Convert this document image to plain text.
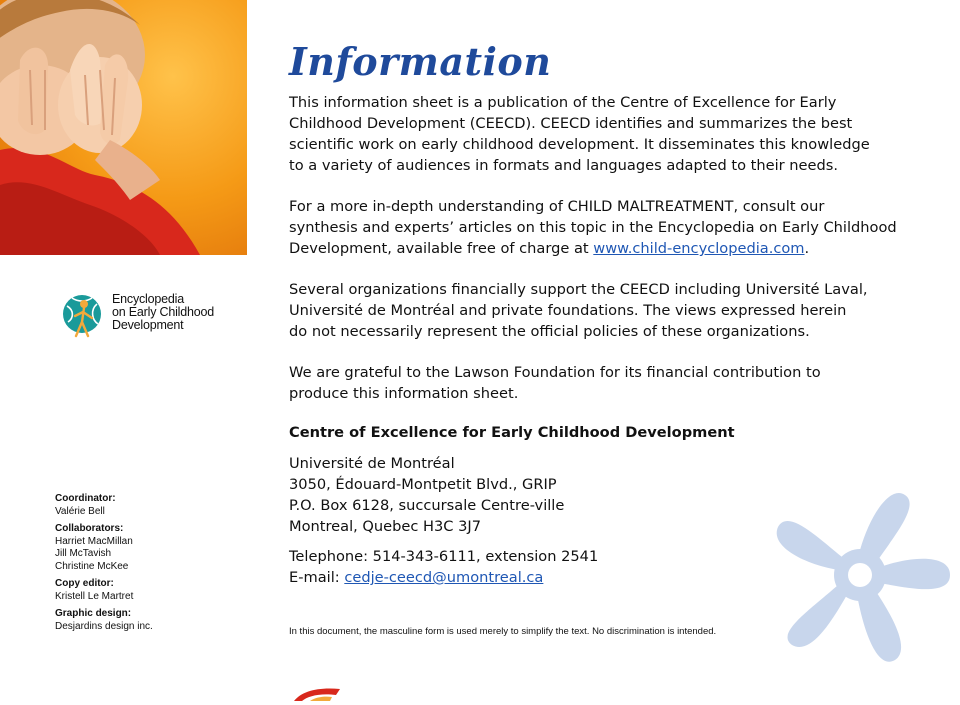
Encyclopedia
on Early Childhood
Development
Coordinator:
Valérie Bell
Collaborators:
Harriet MacMillan
Jill McTavish
Christine McKee
Copy editor:
Kristell Le Martret
Graphic design:
Desjardins design inc.
Information

This information sheet is a publication of the Centre of Excellence for Early
Childhood Development (CEECD). CEECD identifies and summarizes the best
scientific work on early childhood development. It disseminates this knowledge
to a variety of audiences in formats and languages adapted to their needs.

For a more in-depth understanding of CHILD MALTREATMENT, consult our
synthesis and experts’ articles on this topic in the Encyclopedia on Early Childhood
Development, available free of charge at www.child-encyclopedia.com.

Several organizations financially support the CEECD including Université Laval,
Université de Montréal and private foundations. The views expressed herein
do not necessarily represent the official policies of these organizations.

We are grateful to the Lawson Foundation for its financial contribution to
produce this information sheet.

Centre of Excellence for Early Childhood Development
Université de Montréal
3050, Édouard-Montpetit Blvd., GRIP
P.O. Box 6128, succursale Centre-ville
Montreal, Quebec H3C 3J7
Telephone: 514-343-6111, extension 2541
E-mail: cedje-ceecd@umontreal.ca
In this document, the masculine form is used merely to simplify the text. No discrimination is intended.
